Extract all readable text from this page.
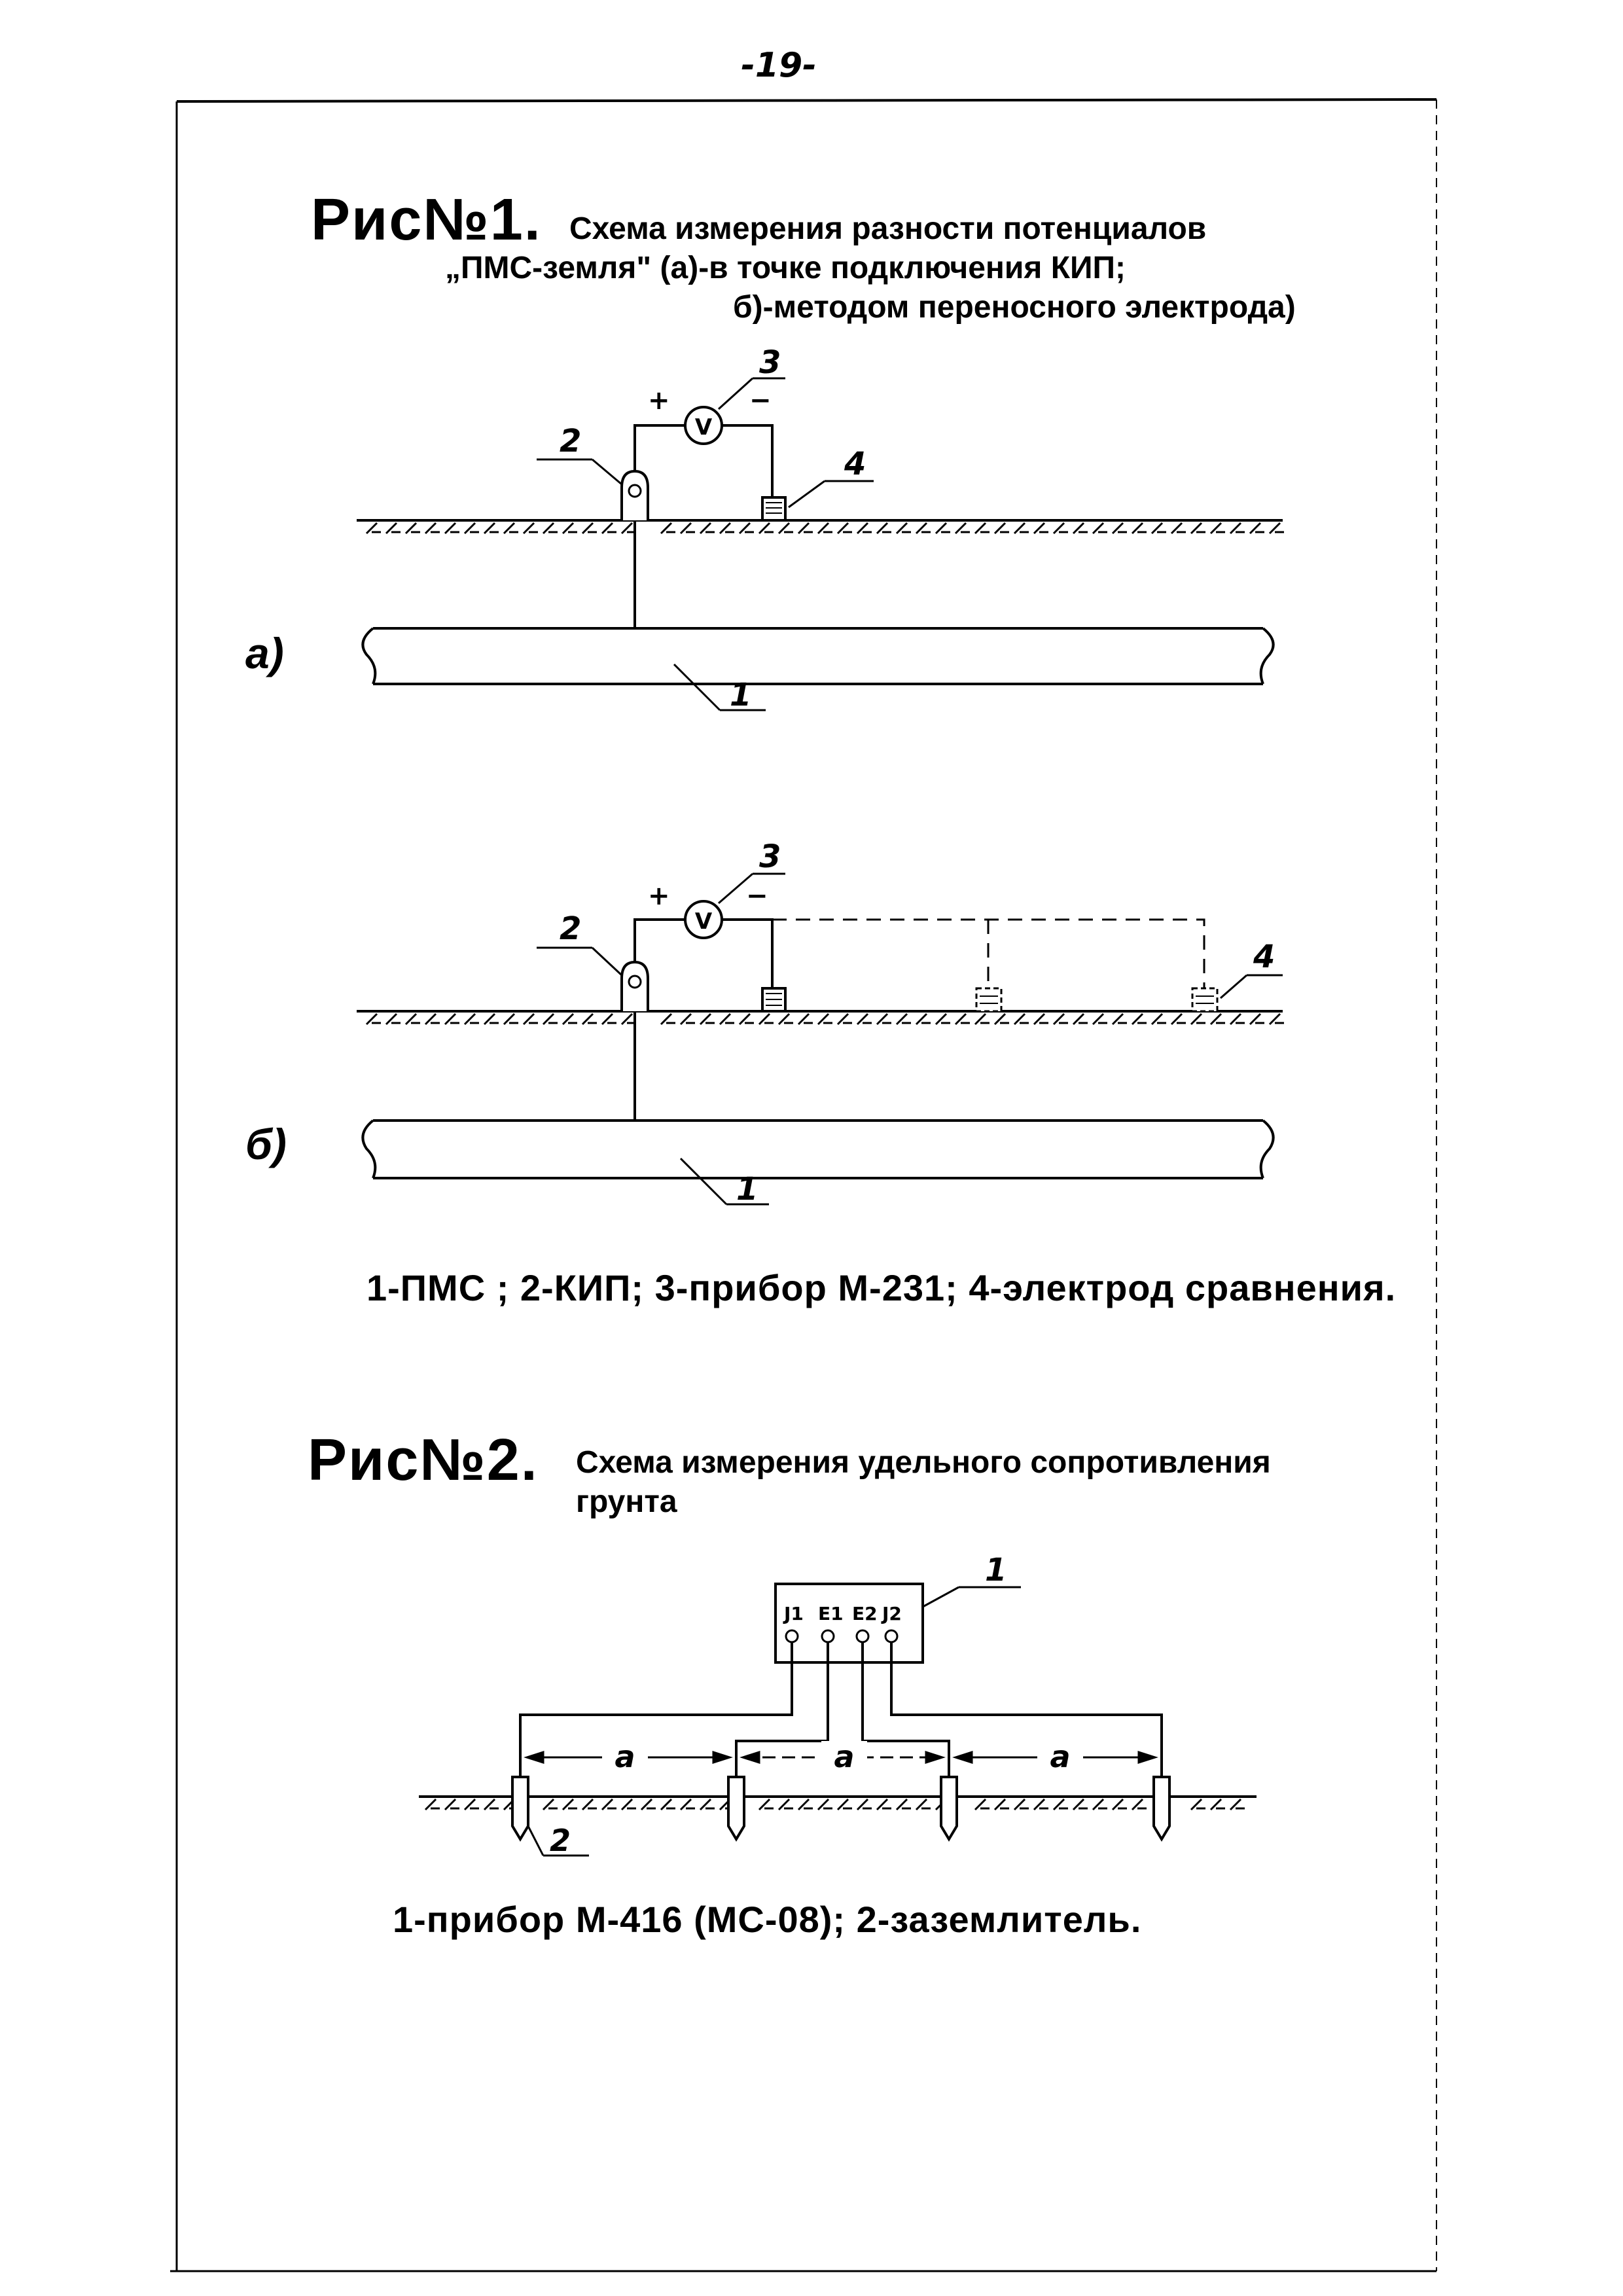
-19-
Рис№1. Схема измерения разности потенциалов
„ПМС-земля" (а)-в точке подключения КИП;
б)-методом переносного электрода)
а)
б)
V
+	−
3
2
4
1
V
+	−
3
2
4
1
1-ПМС ; 2-КИП; 3-прибор М-231; 4-электрод сравнения.
Рис№2. Схема измерения удельного сопротивления
грунта
J1 E1 E2 J2
1
a	a	a
2
1-прибор М-416 (МС-08); 2-заземлитель.
